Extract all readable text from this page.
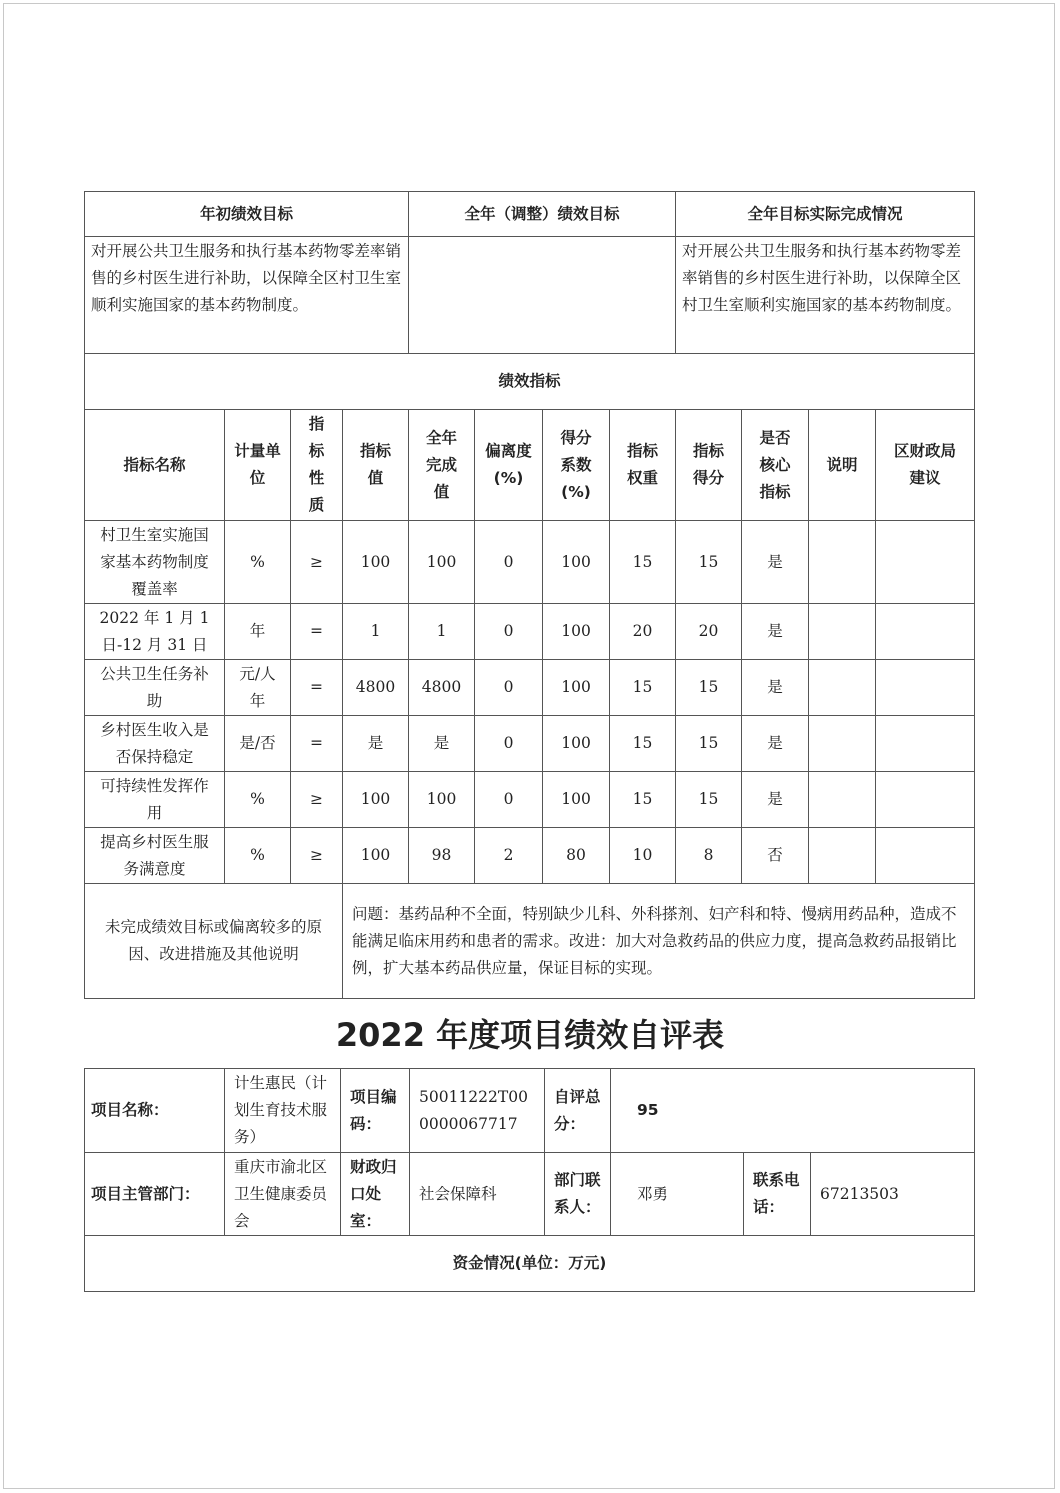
年初绩效目标				全年（调整）绩效目标				全年目标实际完成情况			
对开展公共卫生服务和执行基本药物零差率销售的乡村医生进行补助，以保障全区村卫生室顺利实施国家的基本药物制度。								对开展公共卫生服务和执行基本药物零差率销售的乡村医生进行补助，以保障全区村卫生室顺利实施国家的基本药物制度。			
绩效指标											
指标名称	计量单位	指标性质	指标值	全年完成值	偏离度(%)	得分系数(%)	指标权重	指标得分	是否核心指标	说明	区财政局建议
村卫生室实施国家基本药物制度覆盖率	%	≥	100	100	0	100	15	15	是		
2022 年 1 月 1 日-12 月 31 日	年	=	1	1	0	100	20	20	是		
公共卫生任务补助	元/人年	=	4800	4800	0	100	15	15	是		
乡村医生收入是否保持稳定	是/否	=	是	是	0	100	15	15	是		
可持续性发挥作用	%	≥	100	100	0	100	15	15	是		
提高乡村医生服务满意度	%	≥	100	98	2	80	10	8	否		
未完成绩效目标或偏离较多的原因、改进措施及其他说明			问题：基药品种不全面，特别缺少儿科、外科搽剂、妇产科和特、慢病用药品种，造成不能满足临床用药和患者的需求。改进：加大对急救药品的供应力度，提高急救药品报销比例，扩大基本药品供应量，保证目标的实现。								
2022 年度项目绩效自评表
项目名称：	计生惠民（计划生育技术服务）	项目编码：	50011222T000000067717	自评总分：	95		
项目主管部门：	重庆市渝北区卫生健康委员会	财政归口处室：	社会保障科	部门联系人：	邓勇	联系电话：	67213503
资金情况(单位：万元)							
